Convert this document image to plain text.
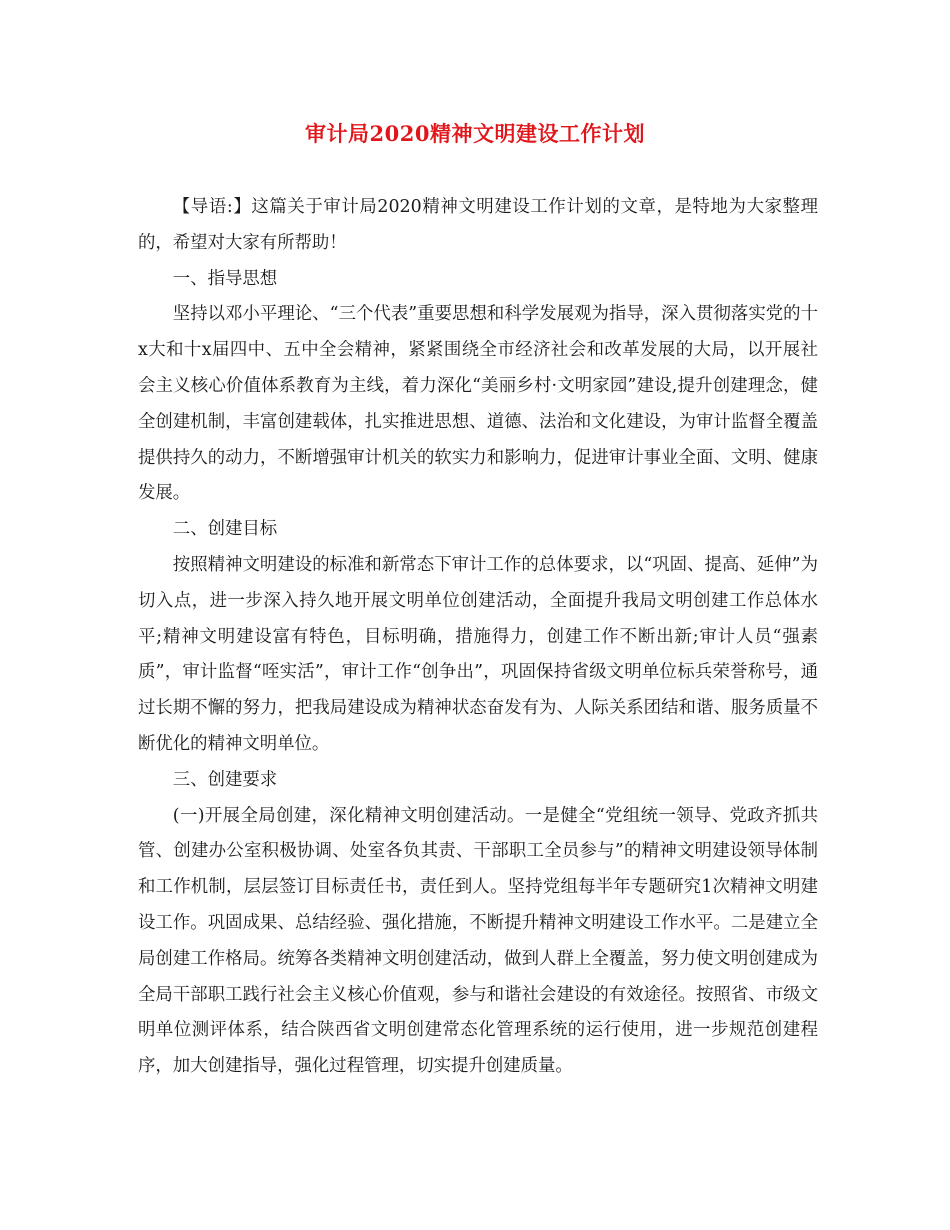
审计局2020精神文明建设工作计划

【导语:】这篇关于审计局2020精神文明建设工作计划的文章，是特地为大家整理的，希望对大家有所帮助！

一、指导思想

坚持以邓小平理论、“三个代表”重要思想和科学发展观为指导，深入贯彻落实党的十x大和十x届四中、五中全会精神，紧紧围绕全市经济社会和改革发展的大局，以开展社会主义核心价值体系教育为主线，着力深化“美丽乡村·文明家园”建设,提升创建理念，健全创建机制，丰富创建载体，扎实推进思想、道德、法治和文化建设，为审计监督全覆盖提供持久的动力，不断增强审计机关的软实力和影响力，促进审计事业全面、文明、健康发展。

二、创建目标

按照精神文明建设的标准和新常态下审计工作的总体要求，以“巩固、提高、延伸”为切入点，进一步深入持久地开展文明单位创建活动，全面提升我局文明创建工作总体水平;精神文明建设富有特色，目标明确，措施得力，创建工作不断出新;审计人员“强素质”，审计监督“咥实活”，审计工作“创争出”，巩固保持省级文明单位标兵荣誉称号，通过长期不懈的努力，把我局建设成为精神状态奋发有为、人际关系团结和谐、服务质量不断优化的精神文明单位。

三、创建要求

(一)开展全局创建，深化精神文明创建活动。一是健全“党组统一领导、党政齐抓共管、创建办公室积极协调、处室各负其责、干部职工全员参与”的精神文明建设领导体制和工作机制，层层签订目标责任书，责任到人。坚持党组每半年专题研究1次精神文明建设工作。巩固成果、总结经验、强化措施，不断提升精神文明建设工作水平。二是建立全局创建工作格局。统筹各类精神文明创建活动，做到人群上全覆盖，努力使文明创建成为全局干部职工践行社会主义核心价值观，参与和谐社会建设的有效途径。按照省、市级文明单位测评体系，结合陕西省文明创建常态化管理系统的运行使用，进一步规范创建程序，加大创建指导，强化过程管理，切实提升创建质量。
